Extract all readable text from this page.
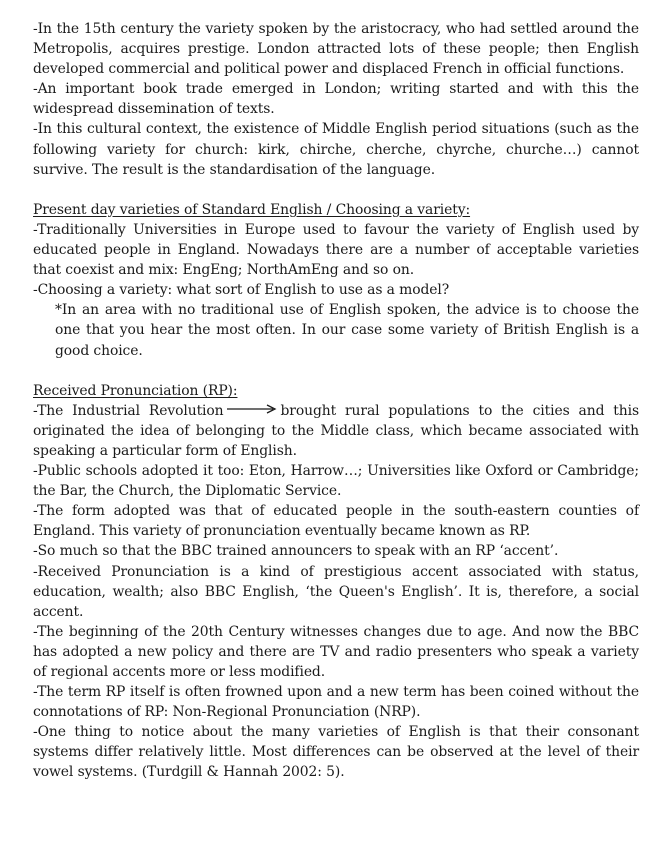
-In the 15th century the variety spoken by the aristocracy, who had settled around the Metropolis, acquires prestige. London attracted lots of these people; then English developed commercial and political power and displaced French in official functions.

-An important book trade emerged in London; writing started and with this the widespread dissemination of texts.

-In this cultural context, the existence of Middle English period situations (such as the following variety for church: kirk, chirche, cherche, chyrche, churche…) cannot survive. The result is the standardisation of the language.

Present day varieties of Standard English / Choosing a variety:

-Traditionally Universities in Europe used to favour the variety of English used by educated people in England. Nowadays there are a number of acceptable varieties that coexist and mix: EngEng; NorthAmEng and so on.

-Choosing a variety: what sort of English to use as a model?

*In an area with no traditional use of English spoken, the advice is to choose the one that you hear the most often. In our case some variety of British English is a good choice.

Received Pronunciation (RP):

-The Industrial Revolution	brought rural populations to the cities and this originated the idea of belonging to the Middle class, which became associated with speaking a particular form of English.

-Public schools adopted it too: Eton, Harrow…; Universities like Oxford or Cambridge; the Bar, the Church, the Diplomatic Service.

-The form adopted was that of educated people in the south-eastern counties of England. This variety of pronunciation eventually became known as RP.

-So much so that the BBC trained announcers to speak with an RP ‘accent’.

-Received Pronunciation is a kind of prestigious accent associated with status, education, wealth; also BBC English, ‘the Queen's English’. It is, therefore, a social accent.

-The beginning of the 20th Century witnesses changes due to age. And now the BBC has adopted a new policy and there are TV and radio presenters who speak a variety of regional accents more or less modified.

-The term RP itself is often frowned upon and a new term has been coined without the connotations of RP: Non-Regional Pronunciation (NRP).

-One thing to notice about the many varieties of English is that their consonant systems differ relatively little. Most differences can be observed at the level of their vowel systems. (Turdgill & Hannah 2002: 5).
